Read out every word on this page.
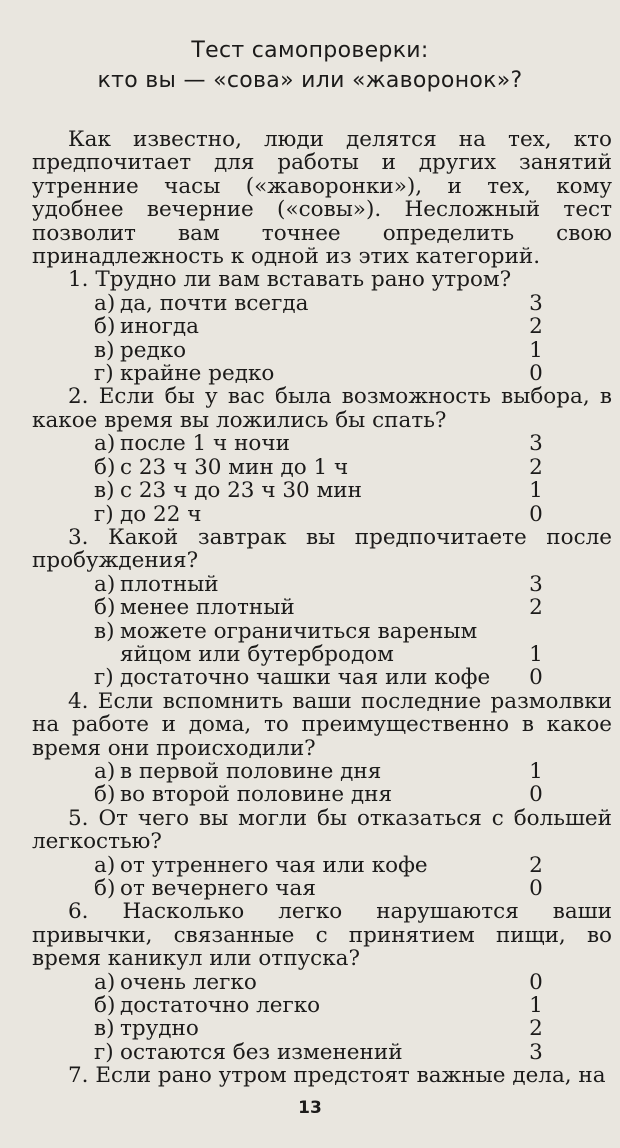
Тест самопроверки:
кто вы — «сова» или «жаворонок»?

Как известно, люди делятся на тех, кто предпочитает для работы и других занятий утренние часы («жаворонки»), и тех, кому удобнее вечерние («совы»). Несложный тест позволит вам точнее определить свою принадлежность к одной из этих категорий.

1. Трудно ли вам вставать рано утром?

а) да, почти всегда	3
б) иногда	2
в) редко	1
г) крайне редко	0

2. Если бы у вас была возможность выбора, в какое время вы ложились бы спать?

а) после 1 ч ночи	3
б) с 23 ч 30 мин до 1 ч	2
в) с 23 ч до 23 ч 30 мин	1
г) до 22 ч	0

3. Какой завтрак вы предпочитаете после пробуждения?

а) плотный	3
б) менее плотный	2
в) можете ограничиться вареным яйцом или бутербродом	1
г) достаточно чашки чая или кофе 0

4. Если вспомнить ваши последние размолвки на работе и дома, то преимущественно в какое время они происходили?

а) в первой половине дня	1
б) во второй половине дня	0

5. От чего вы могли бы отказаться с большей легкостью?

а) от утреннего чая или кофе	2
б) от вечернего чая	0

6. Насколько легко нарушаются ваши привычки, связанные с принятием пищи, во время каникул или отпуска?

а) очень легко	0
б) достаточно легко	1
в) трудно	2
г) остаются без изменений	3

7. Если рано утром предстоят важные дела, на

13
